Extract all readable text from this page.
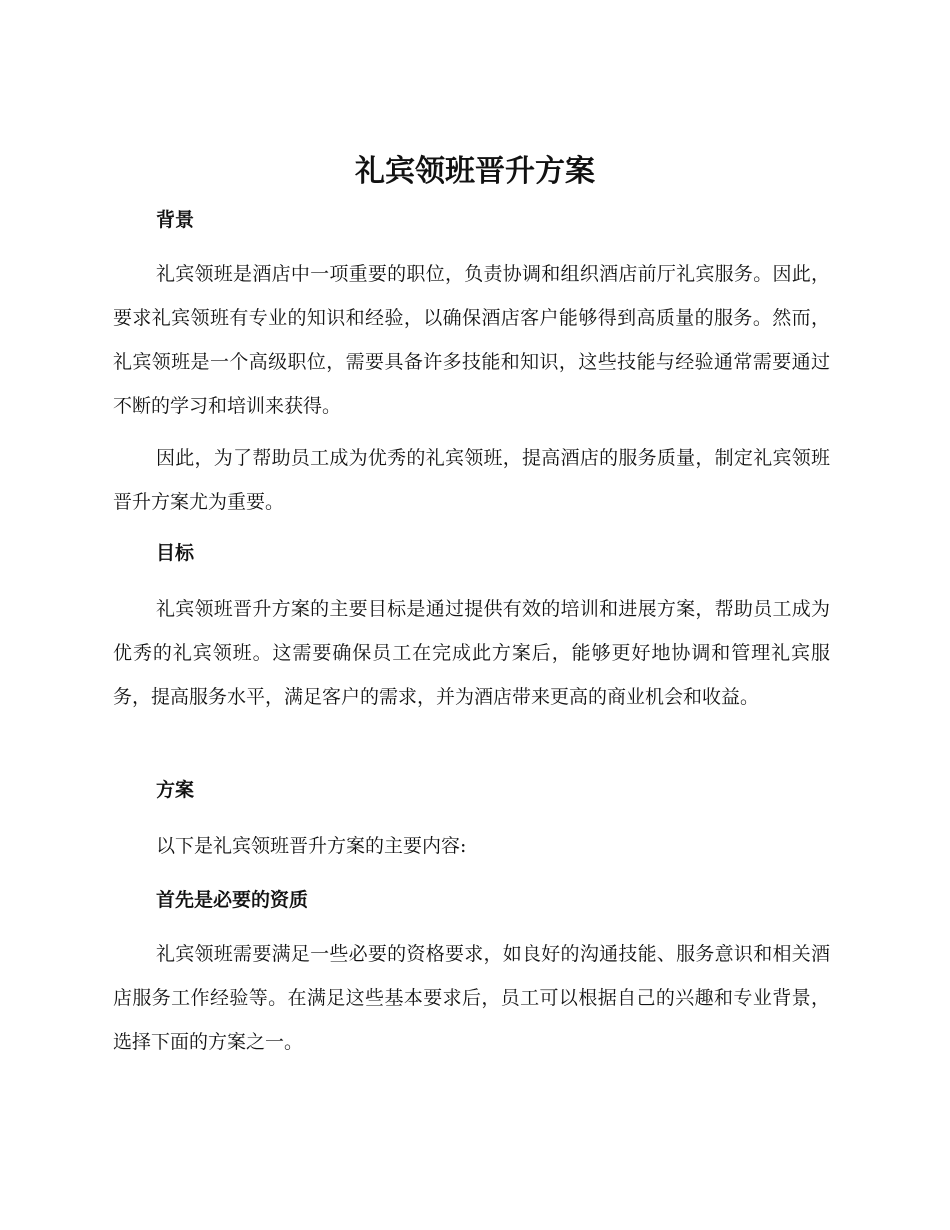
礼宾领班晋升方案
背景

礼宾领班是酒店中一项重要的职位，负责协调和组织酒店前厅礼宾服务。因此，要求礼宾领班有专业的知识和经验，以确保酒店客户能够得到高质量的服务。然而，礼宾领班是一个高级职位，需要具备许多技能和知识，这些技能与经验通常需要通过不断的学习和培训来获得。

因此，为了帮助员工成为优秀的礼宾领班，提高酒店的服务质量，制定礼宾领班晋升方案尤为重要。

目标

礼宾领班晋升方案的主要目标是通过提供有效的培训和进展方案，帮助员工成为优秀的礼宾领班。这需要确保员工在完成此方案后，能够更好地协调和管理礼宾服务，提高服务水平，满足客户的需求，并为酒店带来更高的商业机会和收益。

方案

以下是礼宾领班晋升方案的主要内容:

首先是必要的资质

礼宾领班需要满足一些必要的资格要求，如良好的沟通技能、服务意识和相关酒店服务工作经验等。在满足这些基本要求后，员工可以根据自己的兴趣和专业背景，选择下面的方案之一。
